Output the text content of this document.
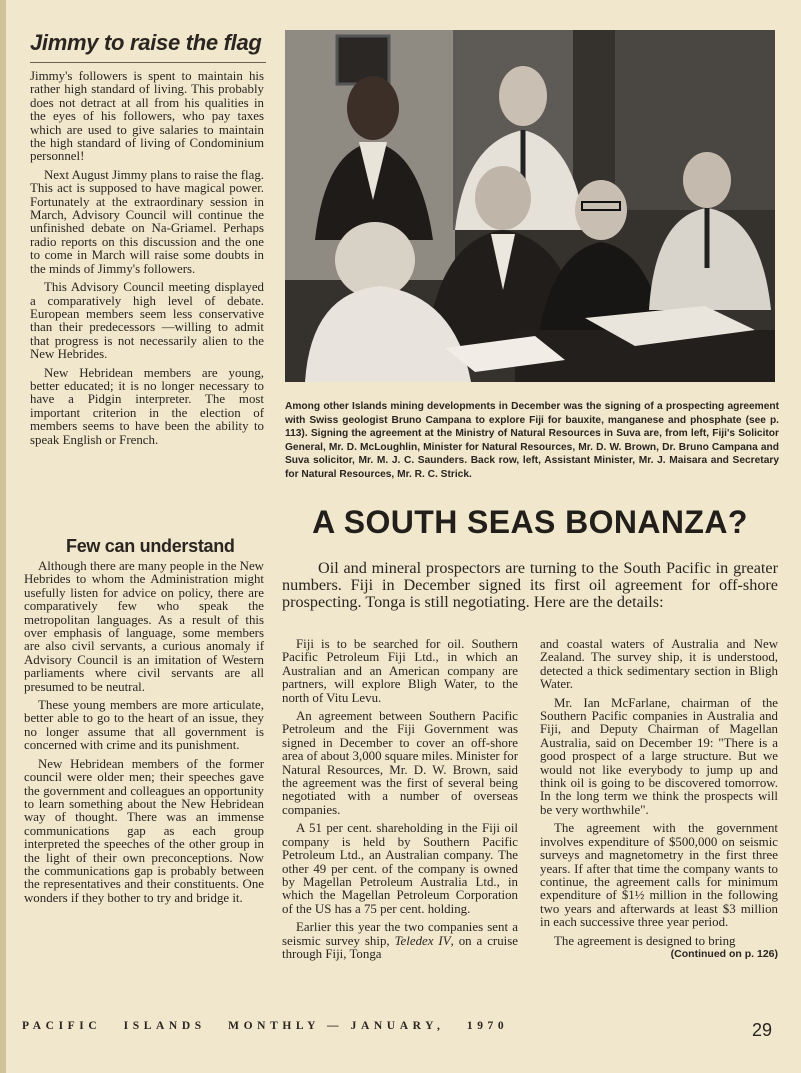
Jimmy to raise the flag

Jimmy's followers is spent to maintain his rather high standard of living. This probably does not detract at all from his qualities in the eyes of his followers, who pay taxes which are used to give salaries to maintain the high standard of living of Condominium personnel!

Next August Jimmy plans to raise the flag. This act is supposed to have magical power. Fortunately at the extraordinary session in March, Advisory Council will continue the unfinished debate on Na-Griamel. Perhaps radio reports on this discussion and the one to come in March will raise some doubts in the minds of Jimmy's followers.

This Advisory Council meeting displayed a comparatively high level of debate. European members seem less conservative than their predecessors —willing to admit that progress is not necessarily alien to the New Hebrides.

New Hebridean members are young, better educated; it is no longer necessary to have a Pidgin interpreter. The most important criterion in the election of members seems to have been the ability to speak English or French.

Few can understand

Although there are many people in the New Hebrides to whom the Administration might usefully listen for advice on policy, there are comparatively few who speak the metropolitan languages. As a result of this over emphasis of language, some members are also civil servants, a curious anomaly if Advisory Council is an imitation of Western parliaments where civil servants are all presumed to be neutral.

These young members are more articulate, better able to go to the heart of an issue, they no longer assume that all government is concerned with crime and its punishment.

New Hebridean members of the former council were older men; their speeches gave the government and colleagues an opportunity to learn something about the New Hebridean way of thought. There was an immense communications gap as each group interpreted the speeches of the other group in the light of their own preconceptions. Now the communications gap is probably between the representatives and their constituents. One wonders if they bother to try and bridge it.

Among other Islands mining developments in December was the signing of a prospecting agreement with Swiss geologist Bruno Campana to explore Fiji for bauxite, manganese and phosphate (see p. 113). Signing the agreement at the Ministry of Natural Resources in Suva are, from left, Fiji's Solicitor General, Mr. D. McLoughlin, Minister for Natural Resources, Mr. D. W. Brown, Dr. Bruno Campana and Suva solicitor, Mr. M. J. C. Saunders. Back row, left, Assistant Minister, Mr. J. Maisara and Secretary for Natural Resources, Mr. R. C. Strick.
A SOUTH SEAS BONANZA?
Oil and mineral prospectors are turning to the South Pacific in greater numbers. Fiji in December signed its first oil agreement for off-shore prospecting. Tonga is still negotiating. Here are the details:

Fiji is to be searched for oil. Southern Pacific Petroleum Fiji Ltd., in which an Australian and an American company are partners, will explore Bligh Water, to the north of Vitu Levu.

An agreement between Southern Pacific Petroleum and the Fiji Government was signed in December to cover an off-shore area of about 3,000 square miles. Minister for Natural Resources, Mr. D. W. Brown, said the agreement was the first of several being negotiated with a number of overseas companies.

A 51 per cent. shareholding in the Fiji oil company is held by Southern Pacific Petroleum Ltd., an Australian company. The other 49 per cent. of the company is owned by Magellan Petroleum Australia Ltd., in which the Magellan Petroleum Corporation of the US has a 75 per cent. holding.

Earlier this year the two companies sent a seismic survey ship, Teledex IV, on a cruise through Fiji, Tonga

and coastal waters of Australia and New Zealand. The survey ship, it is understood, detected a thick sedimentary section in Bligh Water.

Mr. Ian McFarlane, chairman of the Southern Pacific companies in Australia and Fiji, and Deputy Chairman of Magellan Australia, said on December 19: "There is a good prospect of a large structure. But we would not like everybody to jump up and think oil is going to be discovered tomorrow. In the long term we think the prospects will be very worthwhile".

The agreement with the government involves expenditure of $500,000 on seismic surveys and magnetometry in the first three years. If after that time the company wants to continue, the agreement calls for minimum expenditure of $1½ million in the following two years and afterwards at least $3 million in each successive three year period.

The agreement is designed to bring

(Continued on p. 126)
PACIFIC   ISLANDS   MONTHLY — JANUARY,   1970	29
